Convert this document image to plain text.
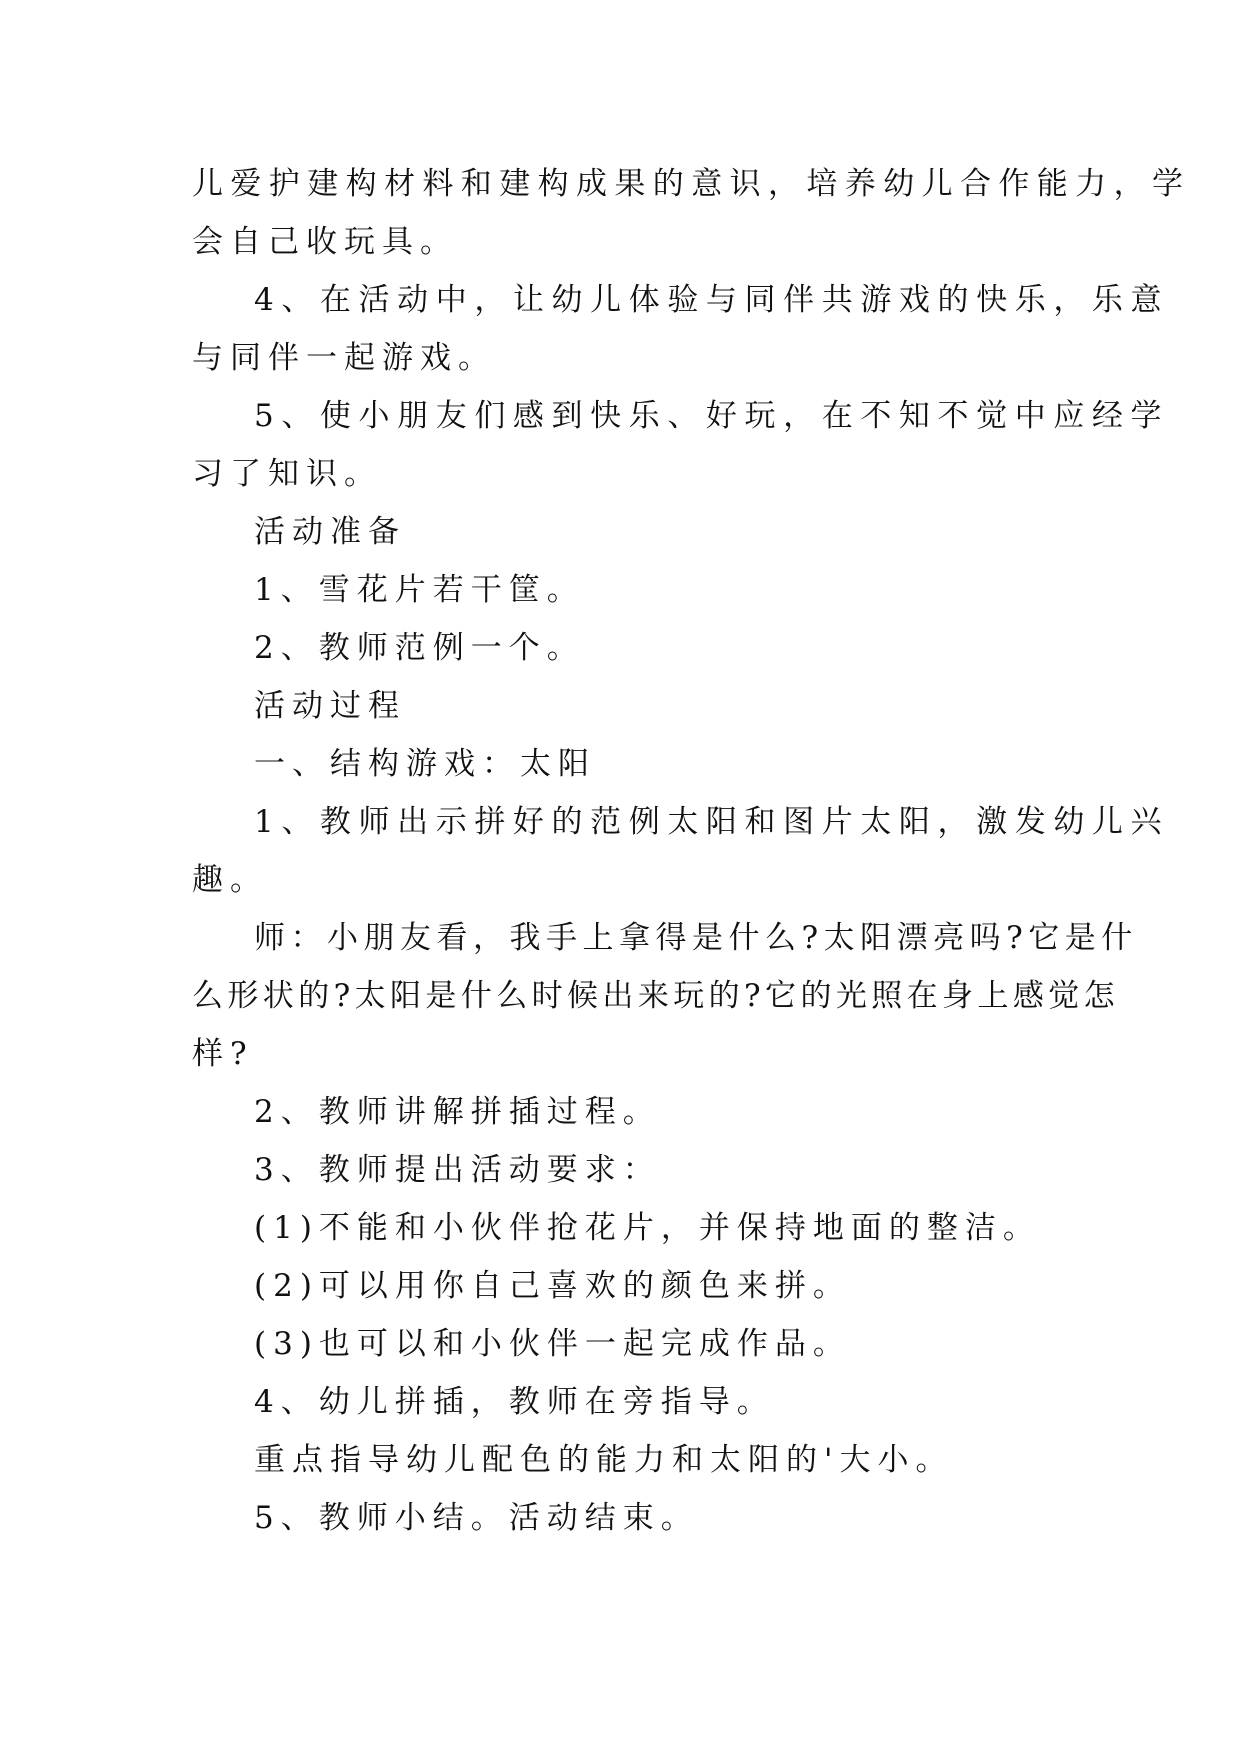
儿爱护建构材料和建构成果的意识，培养幼儿合作能力，学
会自己收玩具。
4、在活动中，让幼儿体验与同伴共游戏的快乐，乐意
与同伴一起游戏。
5、使小朋友们感到快乐、好玩，在不知不觉中应经学
习了知识。
活动准备
1、雪花片若干筐。
2、教师范例一个。
活动过程
一、结构游戏：太阳
1、教师出示拼好的范例太阳和图片太阳，激发幼儿兴
趣。
师：小朋友看，我手上拿得是什么?太阳漂亮吗?它是什
么形状的?太阳是什么时候出来玩的?它的光照在身上感觉怎
样?
2、教师讲解拼插过程。
3、教师提出活动要求：
(1)不能和小伙伴抢花片，并保持地面的整洁。
(2)可以用你自己喜欢的颜色来拼。
(3)也可以和小伙伴一起完成作品。
4、幼儿拼插，教师在旁指导。
重点指导幼儿配色的能力和太阳的'大小。
5、教师小结。活动结束。
